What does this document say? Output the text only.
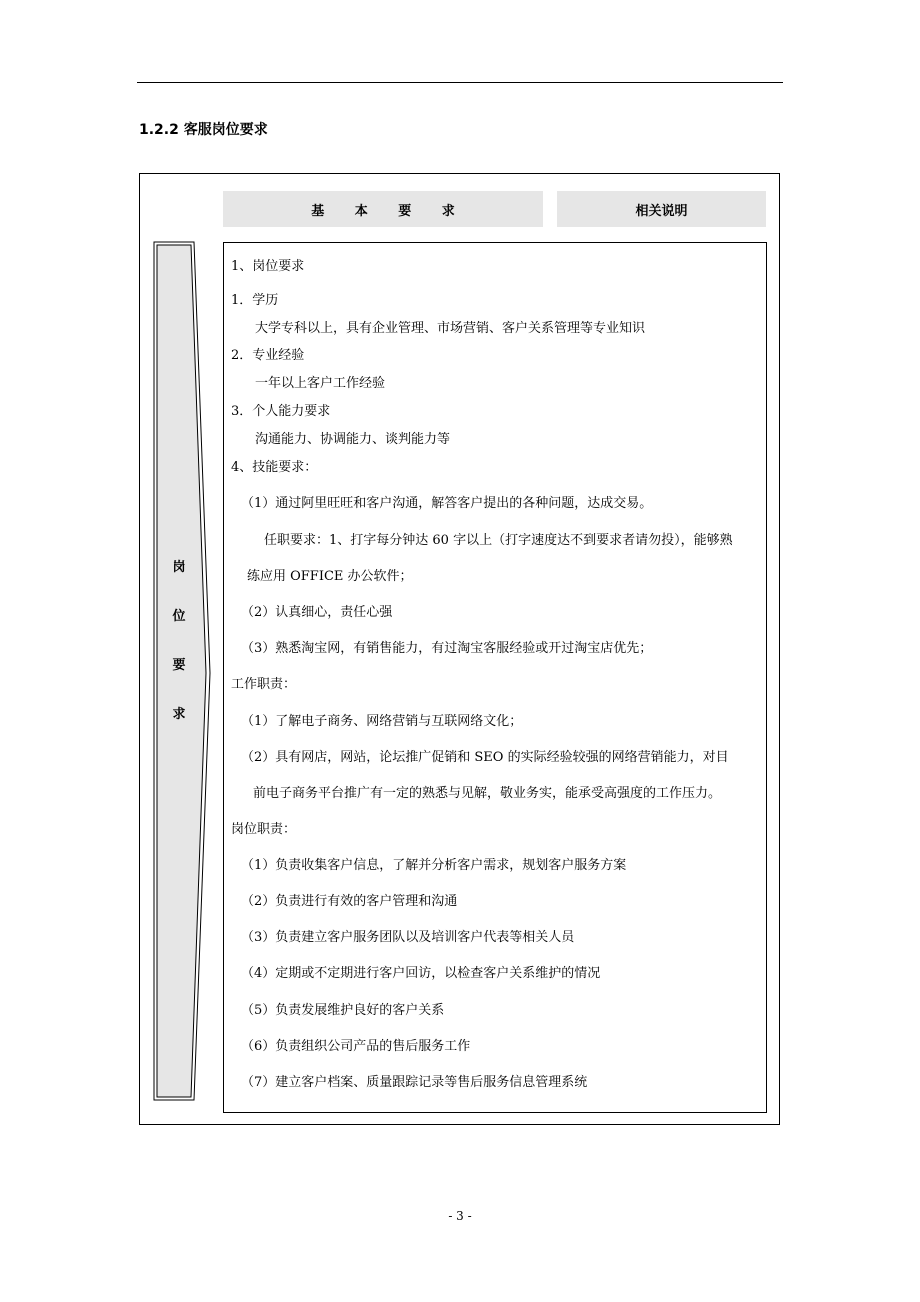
1.2.2 客服岗位要求
基 本 要 求	相关说明
岗
位
要
求

1、岗位要求

1．学历

大学专科以上，具有企业管理、市场营销、客户关系管理等专业知识

2．专业经验

一年以上客户工作经验

3．个人能力要求

沟通能力、协调能力、谈判能力等

4、技能要求：

（1）通过阿里旺旺和客户沟通，解答客户提出的各种问题，达成交易。

任职要求：1、打字每分钟达 60 字以上（打字速度达不到要求者请勿投），能够熟

练应用 OFFICE 办公软件；

（2）认真细心，责任心强

（3）熟悉淘宝网，有销售能力，有过淘宝客服经验或开过淘宝店优先；

工作职责：

（1）了解电子商务、网络营销与互联网络文化；

（2）具有网店，网站，论坛推广促销和 SEO 的实际经验较强的网络营销能力，对目

前电子商务平台推广有一定的熟悉与见解，敬业务实，能承受高强度的工作压力。

岗位职责：

（1）负责收集客户信息，了解并分析客户需求，规划客户服务方案

（2）负责进行有效的客户管理和沟通

（3）负责建立客户服务团队以及培训客户代表等相关人员

（4）定期或不定期进行客户回访，以检查客户关系维护的情况

（5）负责发展维护良好的客户关系

（6）负责组织公司产品的售后服务工作

（7）建立客户档案、质量跟踪记录等售后服务信息管理系统

- 3 -
